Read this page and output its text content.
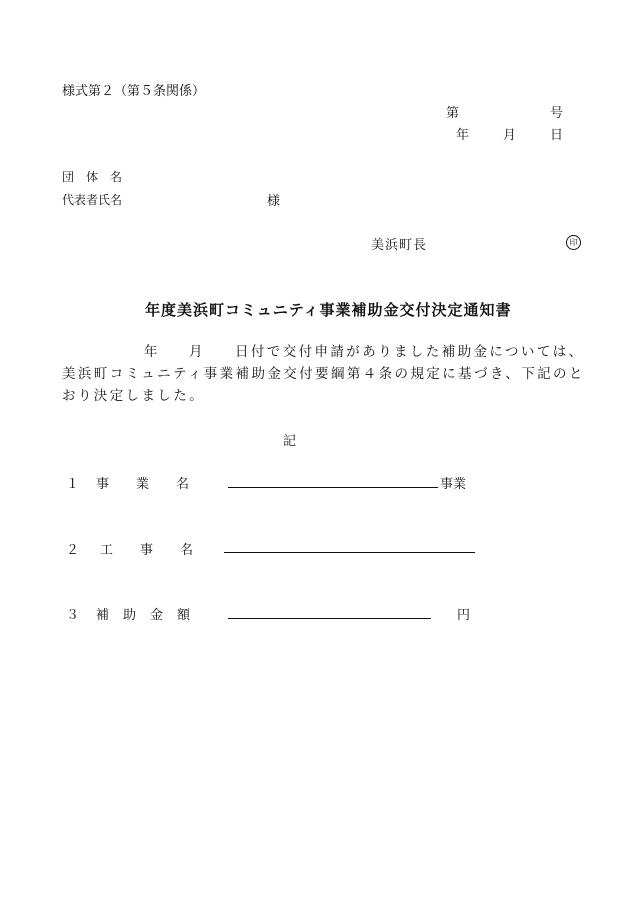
様式第２（第５条関係）
第	号
年	月	日
団　体　名
代表者氏名	様
美浜町長	印
年度美浜町コミュニティ事業補助金交付決定通知書
年 月 日付で交付申請がありました補助金については、
美浜町コミュニティ事業補助金交付要綱第４条の規定に基づき、下記のと
おり決定しました。
記
１ 事 業 名	事業
２ 工 事 名
３ 補 助 金 額	円
